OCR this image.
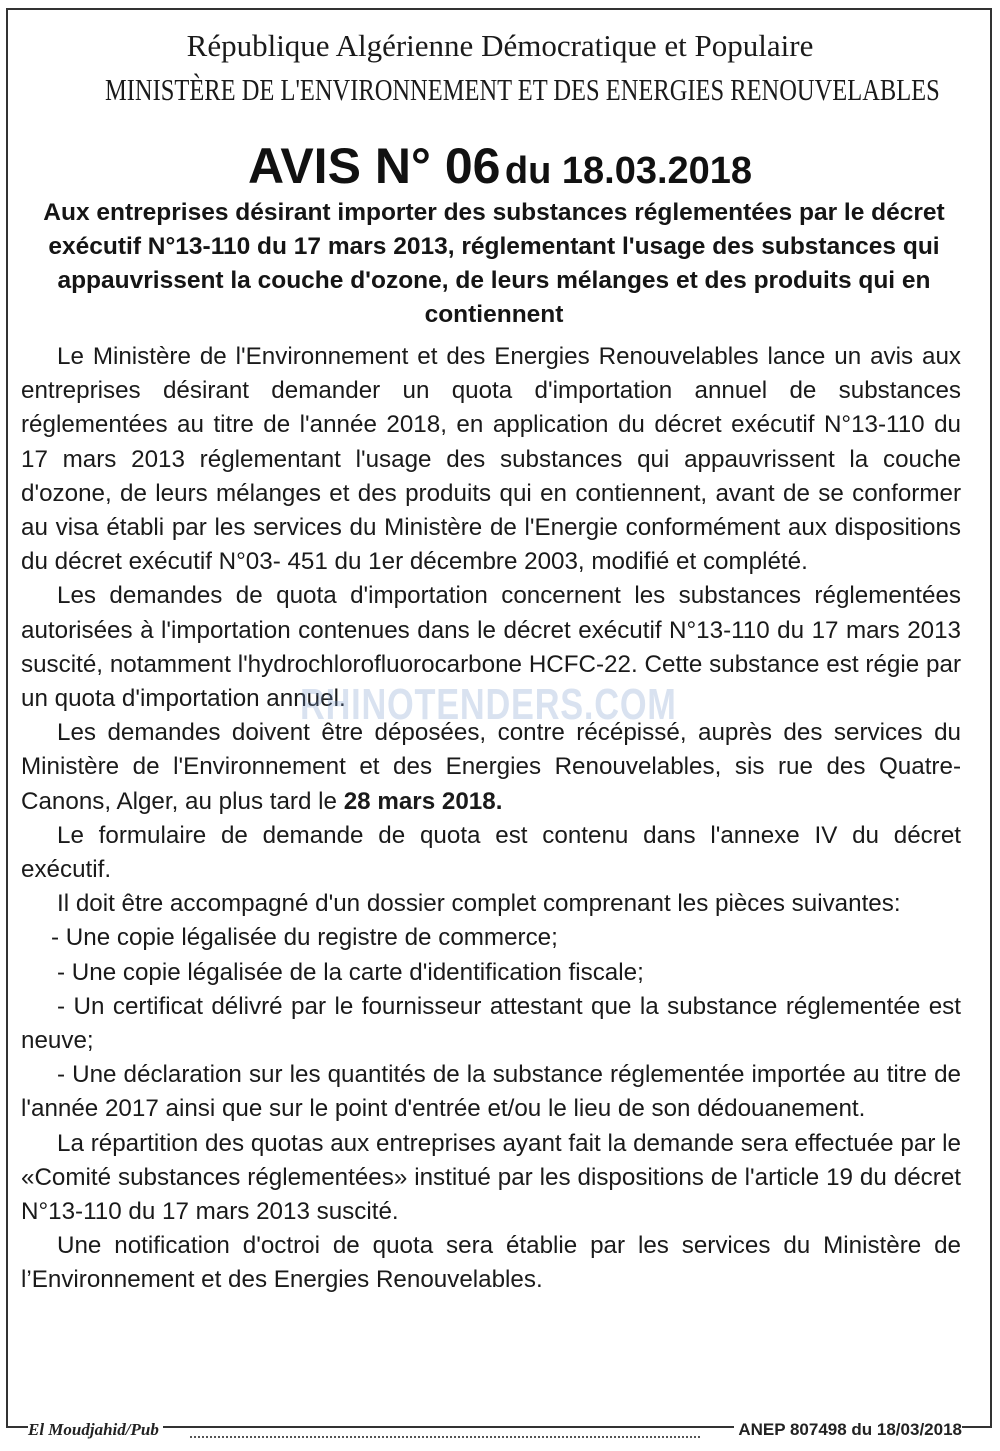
République Algérienne Démocratique et Populaire
MINISTÈRE DE L'ENVIRONNEMENT ET DES ENERGIES RENOUVELABLES
AVIS N° 06 du 18.03.2018
Aux entreprises désirant importer des substances réglementées par le décret exécutif N°13-110 du 17 mars 2013, réglementant l'usage des substances qui appauvrissent la couche d'ozone, de leurs mélanges et des produits qui en contiennent

Le Ministère de l'Environnement et des Energies Renouvelables lance un avis aux entreprises désirant demander un quota d'importation annuel de substances réglementées au titre de l'année 2018, en application du décret exécutif N°13-110 du 17 mars 2013 réglementant l'usage des substances qui appauvrissent la couche d'ozone, de leurs mélanges et des produits qui en contiennent, avant de se conformer au visa établi par les services du Ministère de l'Energie conformément aux dispositions du décret exécutif N°03- 451 du 1er décembre 2003, modifié et complété.

Les demandes de quota d'importation concernent les substances réglementées autorisées à l'importation contenues dans le décret exécutif N°13-110 du 17 mars 2013 suscité, notamment l'hydrochlorofluorocarbone HCFC-22. Cette substance est régie par un quota d'importation annuel.

Les demandes doivent être déposées, contre récépissé, auprès des services du Ministère de l'Environnement et des Energies Renouvelables, sis rue des Quatre-Canons, Alger, au plus tard le 28 mars 2018.

Le formulaire de demande de quota est contenu dans l'annexe IV du décret exécutif.

Il doit être accompagné d'un dossier complet comprenant les pièces suivantes:

- Une copie légalisée du registre de commerce;

- Une copie légalisée de la carte d'identification fiscale;

- Un certificat délivré par le fournisseur attestant que la substance réglementée est neuve;

- Une déclaration sur les quantités de la substance réglementée importée au titre de l'année 2017 ainsi que sur le point d'entrée et/ou le lieu de son dédouanement.

La répartition des quotas aux entreprises ayant fait la demande sera effectuée par le «Comité substances réglementées» institué par les dispositions de l'article 19 du décret N°13-110 du 17 mars 2013 suscité.

Une notification d'octroi de quota sera établie par les services du Ministère de l’Environnement et des Energies Renouvelables.

RHINOTENDERS.COM
El Moudjahid/Pub	ANEP 807498 du 18/03/2018
